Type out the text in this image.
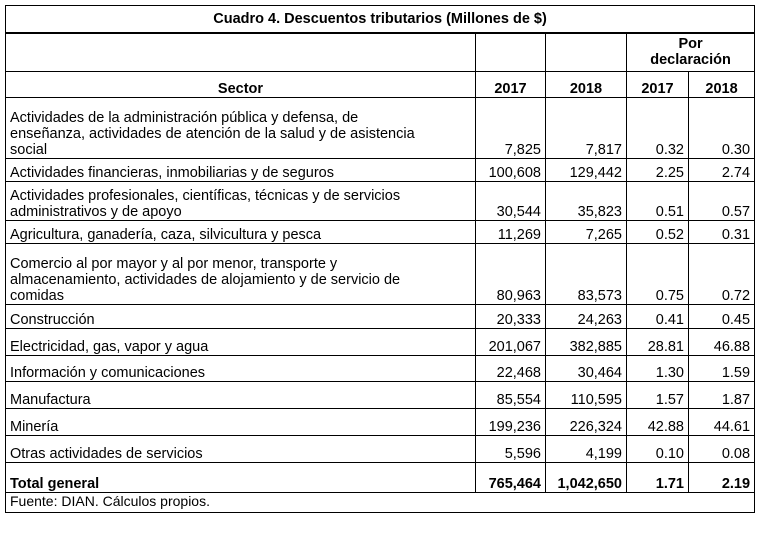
Cuadro 4. Descuentos tributarios (Millones de $)				

			Por
declaración	

Sector	2017	2018	2017	2018

Actividades de la administración pública y defensa, de
enseñanza, actividades de atención de la salud y de asistencia
social	7,825	7,817	0.32	0.30

Actividades financieras, inmobiliarias y de seguros	100,608	129,442	2.25	2.74

Actividades profesionales, científicas, técnicas y de servicios
administrativos y de apoyo	30,544	35,823	0.51	0.57

Agricultura, ganadería, caza, silvicultura y pesca	11,269	7,265	0.52	0.31

Comercio al por mayor y al por menor, transporte y
almacenamiento, actividades de alojamiento y de servicio de
comidas	80,963	83,573	0.75	0.72

Construcción	20,333	24,263	0.41	0.45

Electricidad, gas, vapor y agua	201,067	382,885	28.81	46.88

Información y comunicaciones	22,468	30,464	1.30	1.59

Manufactura	85,554	110,595	1.57	1.87

Minería	199,236	226,324	42.88	44.61

Otras actividades de servicios	5,596	4,199	0.10	0.08
Total general	765,464	1,042,650	1.71	2.19
Fuente: DIAN. Cálculos propios.				
